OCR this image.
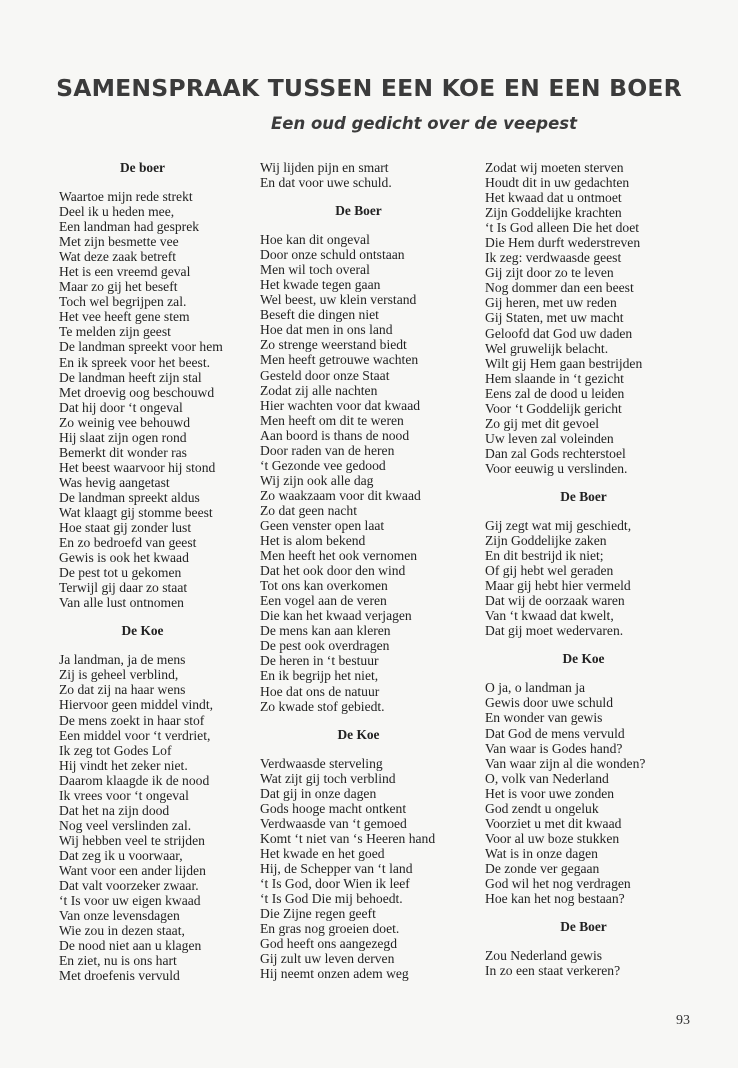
SAMENSPRAAK TUSSEN EEN KOE EN EEN BOER
Een oud gedicht over de veepest
De boer
Waartoe mijn rede strekt
Deel ik u heden mee,
Een landman had gesprek
Met zijn besmette vee
Wat deze zaak betreft
Het is een vreemd geval
Maar zo gij het beseft
Toch wel begrijpen zal.
Het vee heeft gene stem
Te melden zijn geest
De landman spreekt voor hem
En ik spreek voor het beest.
De landman heeft zijn stal
Met droevig oog beschouwd
Dat hij door ‘t ongeval
Zo weinig vee behouwd
Hij slaat zijn ogen rond
Bemerkt dit wonder ras
Het beest waarvoor hij stond
Was hevig aangetast
De landman spreekt aldus
Wat klaagt gij stomme beest
Hoe staat gij zonder lust
En zo bedroefd van geest
Gewis is ook het kwaad
De pest tot u gekomen
Terwijl gij daar zo staat
Van alle lust ontnomen
De Koe
Ja landman, ja de mens
Zij is geheel verblind,
Zo dat zij na haar wens
Hiervoor geen middel vindt,
De mens zoekt in haar stof
Een middel voor ‘t verdriet,
Ik zeg tot Godes Lof
Hij vindt het zeker niet.
Daarom klaagde ik de nood
Ik vrees voor ‘t ongeval
Dat het na zijn dood
Nog veel verslinden zal.
Wij hebben veel te strijden
Dat zeg ik u voorwaar,
Want voor een ander lijden
Dat valt voorzeker zwaar.
‘t Is voor uw eigen kwaad
Van onze levensdagen
Wie zou in dezen staat,
De nood niet aan u klagen
En ziet, nu is ons hart
Met droefenis vervuld
Wij lijden pijn en smart
En dat voor uwe schuld.
De Boer
Hoe kan dit ongeval
Door onze schuld ontstaan
Men wil toch overal
Het kwade tegen gaan
Wel beest, uw klein verstand
Beseft die dingen niet
Hoe dat men in ons land
Zo strenge weerstand biedt
Men heeft getrouwe wachten
Gesteld door onze Staat
Zodat zij alle nachten
Hier wachten voor dat kwaad
Men heeft om dit te weren
Aan boord is thans de nood
Door raden van de heren
‘t Gezonde vee gedood
Wij zijn ook alle dag
Zo waakzaam voor dit kwaad
Zo dat geen nacht
Geen venster open laat
Het is alom bekend
Men heeft het ook vernomen
Dat het ook door den wind
Tot ons kan overkomen
Een vogel aan de veren
Die kan het kwaad verjagen
De mens kan aan kleren
De pest ook overdragen
De heren in ‘t bestuur
En ik begrijp het niet,
Hoe dat ons de natuur
Zo kwade stof gebiedt.
De Koe
Verdwaasde sterveling
Wat zijt gij toch verblind
Dat gij in onze dagen
Gods hooge macht ontkent
Verdwaasde van ‘t gemoed
Komt ‘t niet van ‘s Heeren hand
Het kwade en het goed
Hij, de Schepper van ‘t land
‘t Is God, door Wien ik leef
‘t Is God Die mij behoedt.
Die Zijne regen geeft
En gras nog groeien doet.
God heeft ons aangezegd
Gij zult uw leven derven
Hij neemt onzen adem weg
Zodat wij moeten sterven
Houdt dit in uw gedachten
Het kwaad dat u ontmoet
Zijn Goddelijke krachten
‘t Is God alleen Die het doet
Die Hem durft wederstreven
Ik zeg: verdwaasde geest
Gij zijt door zo te leven
Nog dommer dan een beest
Gij heren, met uw reden
Gij Staten, met uw macht
Geloofd dat God uw daden
Wel gruwelijk belacht.
Wilt gij Hem gaan bestrijden
Hem slaande in ‘t gezicht
Eens zal de dood u leiden
Voor ‘t Goddelijk gericht
Zo gij met dit gevoel
Uw leven zal voleinden
Dan zal Gods rechterstoel
Voor eeuwig u verslinden.
De Boer
Gij zegt wat mij geschiedt,
Zijn Goddelijke zaken
En dit bestrijd ik niet;
Of gij hebt wel geraden
Maar gij hebt hier vermeld
Dat wij de oorzaak waren
Van ‘t kwaad dat kwelt,
Dat gij moet wedervaren.
De Koe
O ja, o landman ja
Gewis door uwe schuld
En wonder van gewis
Dat God de mens vervuld
Van waar is Godes hand?
Van waar zijn al die wonden?
O, volk van Nederland
Het is voor uwe zonden
God zendt u ongeluk
Voorziet u met dit kwaad
Voor al uw boze stukken
Wat is in onze dagen
De zonde ver gegaan
God wil het nog verdragen
Hoe kan het nog bestaan?
De Boer
Zou Nederland gewis
In zo een staat verkeren?
93
